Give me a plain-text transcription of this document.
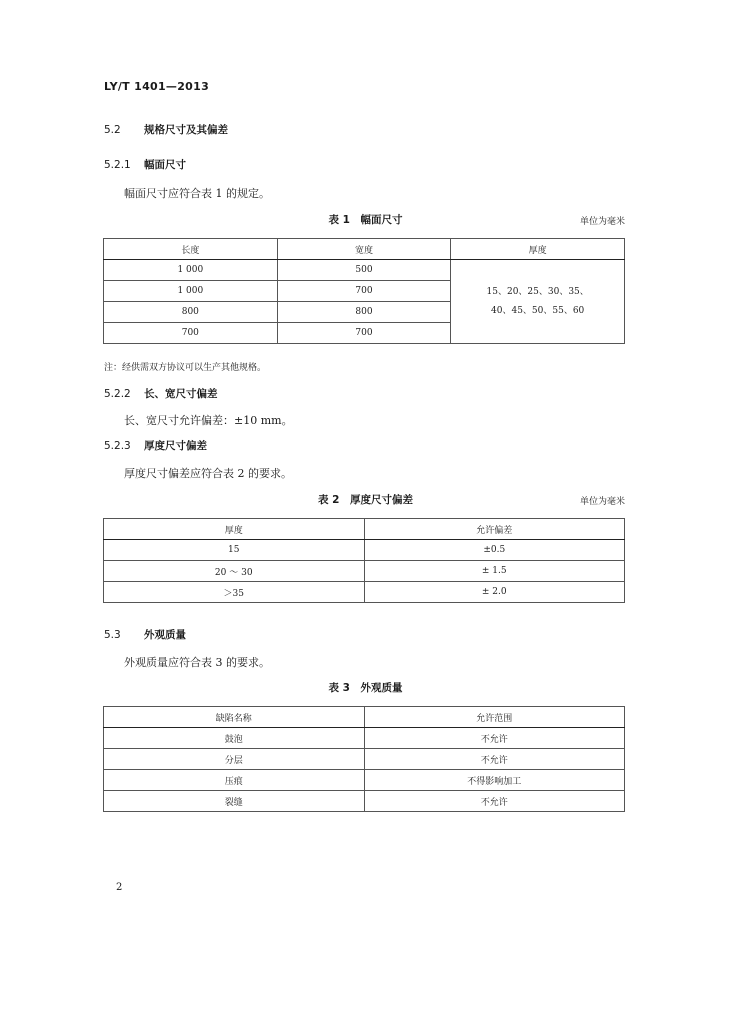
LY/T 1401—2013
5.2 规格尺寸及其偏差
5.2.1 幅面尺寸
幅面尺寸应符合表 1 的规定。
表 1　幅面尺寸	单位为毫米
长度	宽度	厚度
1 000	500	15、20、25、30、35、
40、45、50、55、60

1 000	700	
800	800	
700	700	
注：经供需双方协议可以生产其他规格。
5.2.2 长、宽尺寸偏差
长、宽尺寸允许偏差：±10 mm。
5.2.3 厚度尺寸偏差
厚度尺寸偏差应符合表 2 的要求。
表 2　厚度尺寸偏差	单位为毫米
厚度	允许偏差
15	±0.5
20 ～ 30	± 1.5
＞35	± 2.0
5.3 外观质量
外观质量应符合表 3 的要求。
表 3　外观质量
缺陷名称	允许范围
鼓泡	不允许
分层	不允许
压痕	不得影响加工
裂缝	不允许
2
